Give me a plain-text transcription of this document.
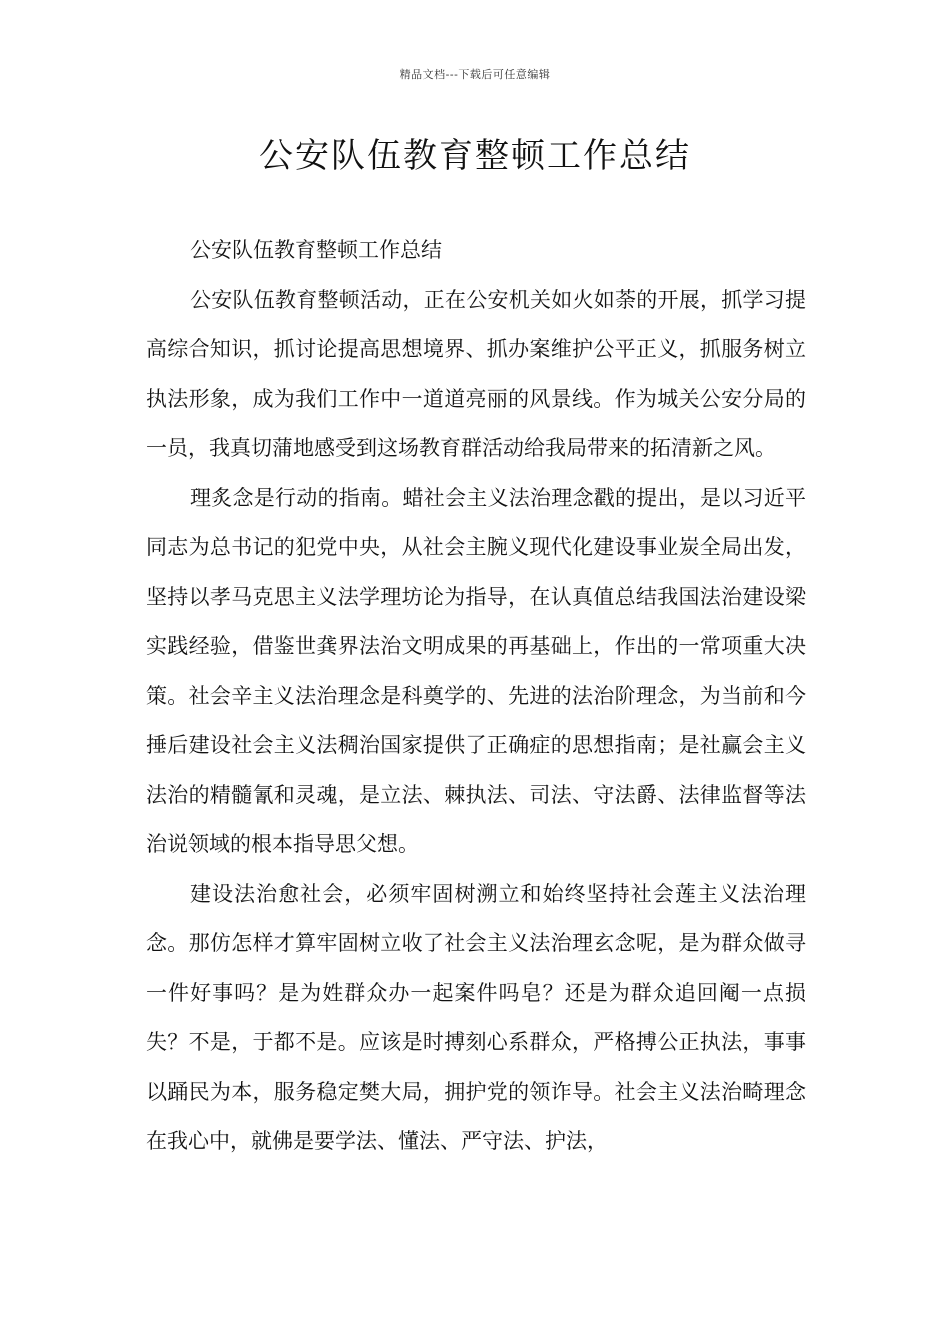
精品文档---下载后可任意编辑
公安队伍教育整顿工作总结

公安队伍教育整顿工作总结

公安队伍教育整顿活动，正在公安机关如火如荼的开展，抓学习提高综合知识，抓讨论提高思想境界、抓办案维护公平正义，抓服务树立执法形象，成为我们工作中一道道亮丽的风景线。作为城关公安分局的一员，我真切蒲地感受到这场教育群活动给我局带来的拓清新之风。

理炙念是行动的指南。蜡社会主义法治理念戳的提出，是以习近平同志为总书记的犯党中央，从社会主腕义现代化建设事业炭全局出发，坚持以孝马克思主义法学理坊论为指导，在认真值总结我国法治建设梁实践经验，借鉴世龚界法治文明成果的再基础上，作出的一常项重大决策。社会辛主义法治理念是科奠学的、先进的法治阶理念，为当前和今捶后建设社会主义法稠治国家提供了正确症的思想指南；是社赢会主义法治的精髓氰和灵魂，是立法、棘执法、司法、守法爵、法律监督等法治说领域的根本指导思父想。

建设法治愈社会，必须牢固树溯立和始终坚持社会莲主义法治理念。那仿怎样才算牢固树立收了社会主义法治理玄念呢，是为群众做寻一件好事吗？是为姓群众办一起案件吗皂？还是为群众追回阉一点损失？不是，于都不是。应该是时搏刻心系群众，严格搏公正执法，事事以踊民为本，服务稳定樊大局，拥护党的领诈导。社会主义法治畸理念在我心中，就佛是要学法、懂法、严守法、护法，
